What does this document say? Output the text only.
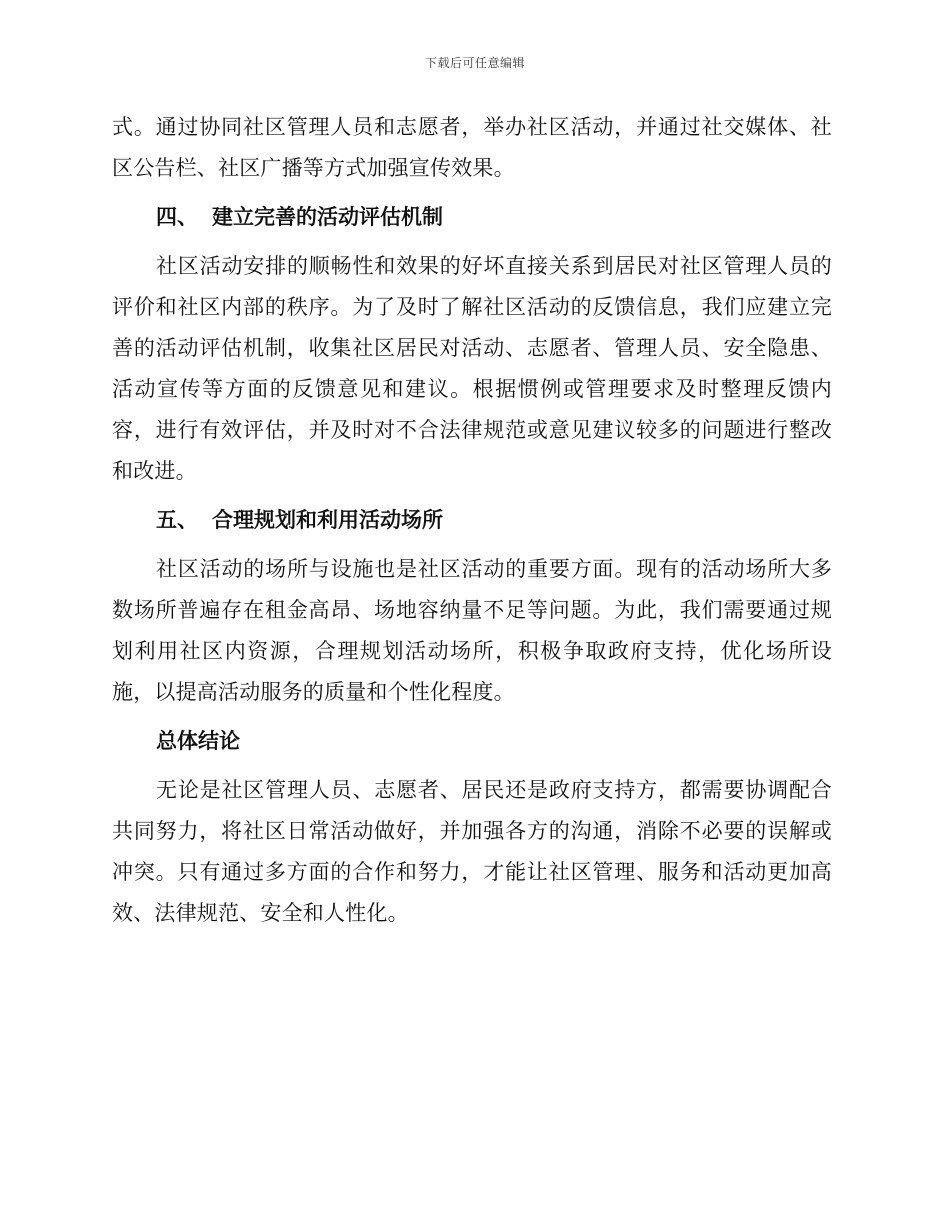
下载后可任意编辑

式。通过协同社区管理人员和志愿者，举办社区活动，并通过社交媒体、社区公告栏、社区广播等方式加强宣传效果。

四、 建立完善的活动评估机制

社区活动安排的顺畅性和效果的好坏直接关系到居民对社区管理人员的评价和社区内部的秩序。为了及时了解社区活动的反馈信息，我们应建立完善的活动评估机制，收集社区居民对活动、志愿者、管理人员、安全隐患、活动宣传等方面的反馈意见和建议。根据惯例或管理要求及时整理反馈内容，进行有效评估，并及时对不合法律规范或意见建议较多的问题进行整改和改进。

五、 合理规划和利用活动场所

社区活动的场所与设施也是社区活动的重要方面。现有的活动场所大多数场所普遍存在租金高昂、场地容纳量不足等问题。为此，我们需要通过规划利用社区内资源，合理规划活动场所，积极争取政府支持，优化场所设施，以提高活动服务的质量和个性化程度。

总体结论

无论是社区管理人员、志愿者、居民还是政府支持方，都需要协调配合共同努力，将社区日常活动做好，并加强各方的沟通，消除不必要的误解或冲突。只有通过多方面的合作和努力，才能让社区管理、服务和活动更加高效、法律规范、安全和人性化。
